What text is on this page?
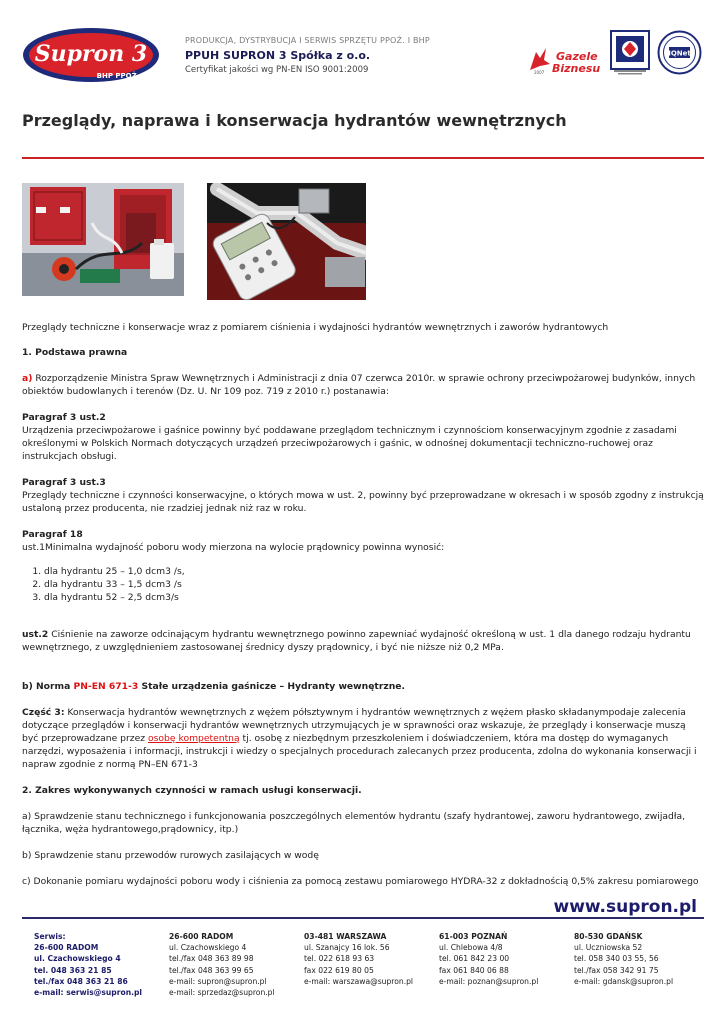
Supron 3
BHP PPOŻ.
PRODUKCJA, DYSTRYBUCJA I SERWIS SPRZĘTU PPOŻ. I BHP
PPUH SUPRON 3 Spółka z o.o.
Certyfikat jakości wg PN-EN ISO 9001:2009	2007
Gazele
Biznesu
IQNet
Przeglądy, naprawa i konserwacja hydrantów wewnętrznych

Przeglądy techniczne i konserwacje wraz z pomiarem ciśnienia i wydajności hydrantów wewnętrznych i zaworów hydrantowych

1. Podstawa prawna

a) Rozporządzenie Ministra Spraw Wewnętrznych i Administracji z dnia 07 czerwca 2010r. w sprawie ochrony przeciwpożarowej budynków, innych obiektów budowlanych i terenów (Dz. U. Nr 109 poz. 719 z 2010 r.) postanawia:

Paragraf 3 ust.2

Urządzenia przeciwpożarowe i gaśnice powinny być poddawane przeglądom technicznym i czynnościom konserwacyjnym zgodnie z zasadami określonymi w Polskich Normach dotyczących urządzeń przeciwpożarowych i gaśnic, w odnośnej dokumentacji techniczno-ruchowej oraz instrukcjach obsługi.

Paragraf 3 ust.3

Przeglądy techniczne i czynności konserwacyjne, o których mowa w ust. 2, powinny być przeprowadzane w okresach i w sposób zgodny z instrukcją ustaloną przez producenta, nie rzadziej jednak niż raz w roku.

Paragraf 18

ust.1Minimalna wydajność poboru wody mierzona na wylocie prądownicy powinna wynosić:

1. dla hydrantu 25 – 1,0 dcm3 /s,
2. dla hydrantu 33 – 1,5 dcm3 /s
3. dla hydrantu 52 – 2,5 dcm3/s

ust.2 Ciśnienie na zaworze odcinającym hydrantu wewnętrznego powinno zapewniać wydajność określoną w ust. 1 dla danego rodzaju hydrantu wewnętrznego, z uwzględnieniem zastosowanej średnicy dyszy prądownicy, i być nie niższe niż 0,2 MPa.

b) Norma PN-EN 671-3 Stałe urządzenia gaśnicze – Hydranty wewnętrzne.

Część 3: Konserwacja hydrantów wewnętrznych z wężem półsztywnym i hydrantów wewnętrznych z wężem płasko składanympodaje zalecenia dotyczące przeglądów i konserwacji hydrantów wewnętrznych utrzymujących je w sprawności oraz wskazuje, że przeglądy i konserwacje muszą być przeprowadzane przez osobę kompetentną tj. osobę z niezbędnym przeszkoleniem i doświadczeniem, która ma dostęp do wymaganych narzędzi, wyposażenia i informacji, instrukcji i wiedzy o specjalnych procedurach zalecanych przez producenta, zdolna do wykonania konserwacji i napraw zgodnie z normą PN–EN 671-3

2. Zakres wykonywanych czynności w ramach usługi konserwacji.

a) Sprawdzenie stanu technicznego i funkcjonowania poszczególnych elementów hydrantu (szafy hydrantowej, zaworu hydrantowego, zwijadła, łącznika, węża hydrantowego,prądownicy, itp.)

b) Sprawdzenie stanu przewodów rurowych zasilających w wodę

c) Dokonanie pomiaru wydajności poboru wody i ciśnienia za pomocą zestawu pomiarowego HYDRA-32 z dokładnością 0,5% zakresu pomiarowego

www.supron.pl
Serwis:
26-600 RADOM
ul. Czachowskiego 4
tel. 048 363 21 85
tel./fax 048 363 21 86
e-mail: serwis@supron.pl
26-600 RADOM
ul. Czachowskiego 4
tel./fax 048 363 89 98
tel./fax 048 363 99 65
e-mail: supron@supron.pl
e-mail: sprzedaz@supron.pl
03-481 WARSZAWA
ul. Szanajcy 16 lok. 56
tel. 022 618 93 63
fax 022 619 80 05
e-mail: warszawa@supron.pl
61-003 POZNAŃ
ul. Chlebowa 4/8
tel. 061 842 23 00
fax 061 840 06 88
e-mail: poznan@supron.pl
80-530 GDAŃSK
ul. Uczniowska 52
tel. 058 340 03 55, 56
tel./fax 058 342 91 75
e-mail: gdansk@supron.pl
